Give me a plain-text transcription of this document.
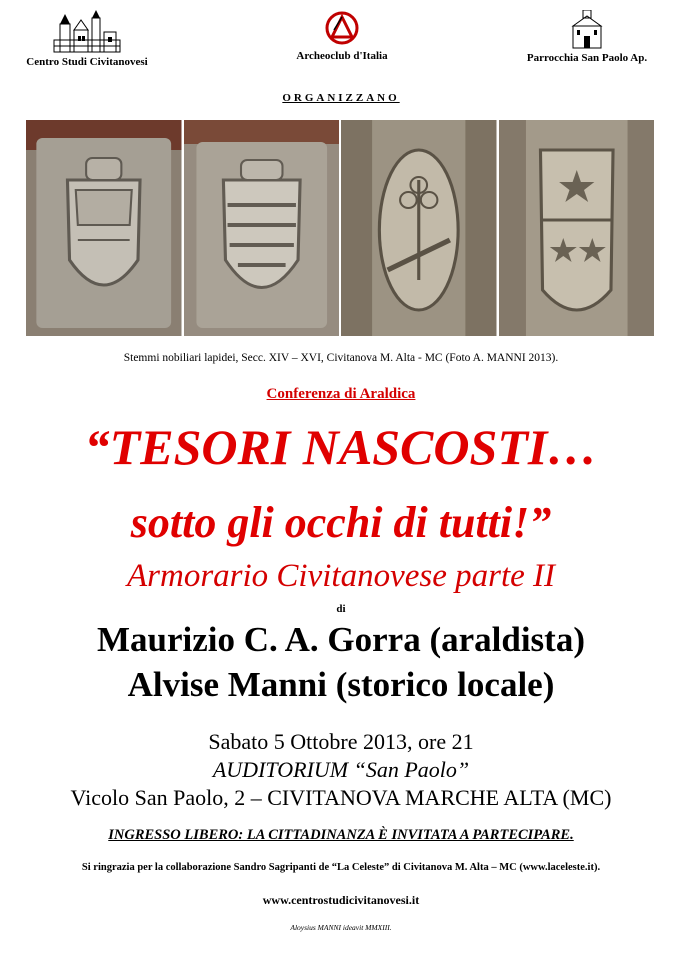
Centro Studi Civitanovesi	Archeoclub d'Italia	Parrocchia San Paolo Ap.
ORGANIZZANO
Stemmi nobiliari lapidei, Secc. XIV – XVI, Civitanova M. Alta - MC (Foto A. MANNI 2013).
Conferenza di Araldica
“TESORI NASCOSTI…
sotto gli occhi di tutti!”
Armorario Civitanovese parte II
di
Maurizio C. A. Gorra (araldista)
Alvise Manni (storico locale)
Sabato 5 Ottobre 2013, ore 21
AUDITORIUM “San Paolo”
Vicolo San Paolo, 2 – CIVITANOVA MARCHE ALTA (MC)
INGRESSO LIBERO: LA CITTADINANZA È INVITATA A PARTECIPARE.
Si ringrazia per la collaborazione Sandro Sagripanti de “La Celeste” di Civitanova M. Alta – MC (www.laceleste.it).
www.centrostudicivitanovesi.it
Aloysius MANNI ideavit MMXIII.
